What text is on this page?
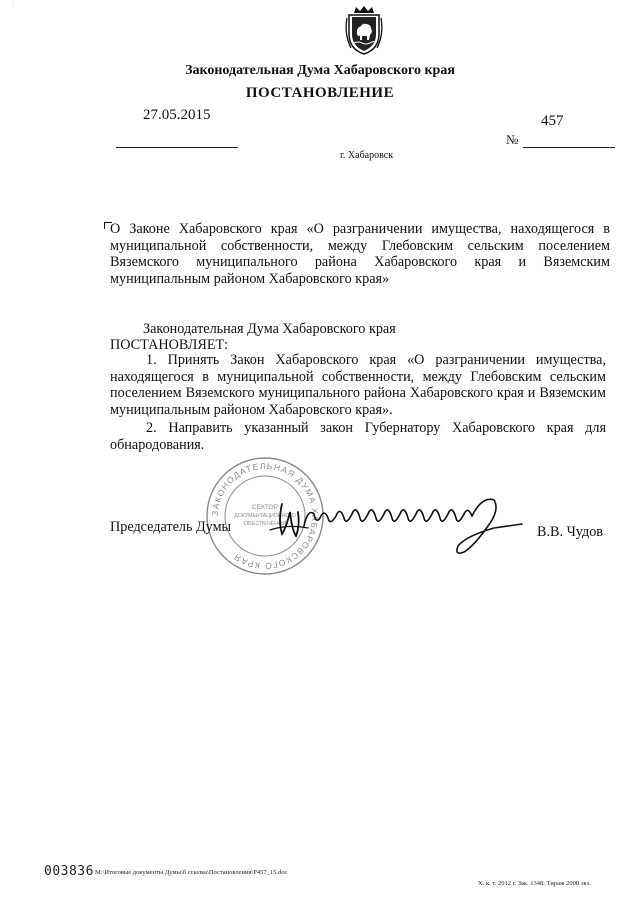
·
Законодательная Дума Хабаровского края
ПОСТАНОВЛЕНИЕ
27.05.2015	457
№
г. Хабаровск
О Законе Хабаровского края «О разграничении имущества, находящегося в муниципальной собственности, между Глебовским сельским поселением Вяземского муниципального района Хабаровского края и Вяземским муниципальным районом Хабаровского края»
Законодательная Дума Хабаровского края
ПОСТАНОВЛЯЕТ:
1. Принять Закон Хабаровского края «О разграничении имущества, находящегося в муниципальной собственности, между Глебовским сельским поселением Вяземского муниципального района Хабаровского края и Вяземским муниципальным районом Хабаровского края».
2. Направить указанный закон Губернатору Хабаровского края для обнародования.
ЗАКОНОДАТЕЛЬНАЯ ДУМА ХАБАРОВСКОГО КРАЯ
СЕКТОР
ДОКУМЕНТАЦИОННОГО
ОБЕСПЕЧЕНИЯ
Председатель Думы	В.В. Чудов
003836 M:\Итоговые документы Думы\б ссылка\Постановления\P457_15.doc
Х. к. т. 2012 г. Зак. 1348. Тираж 2000 экз.
